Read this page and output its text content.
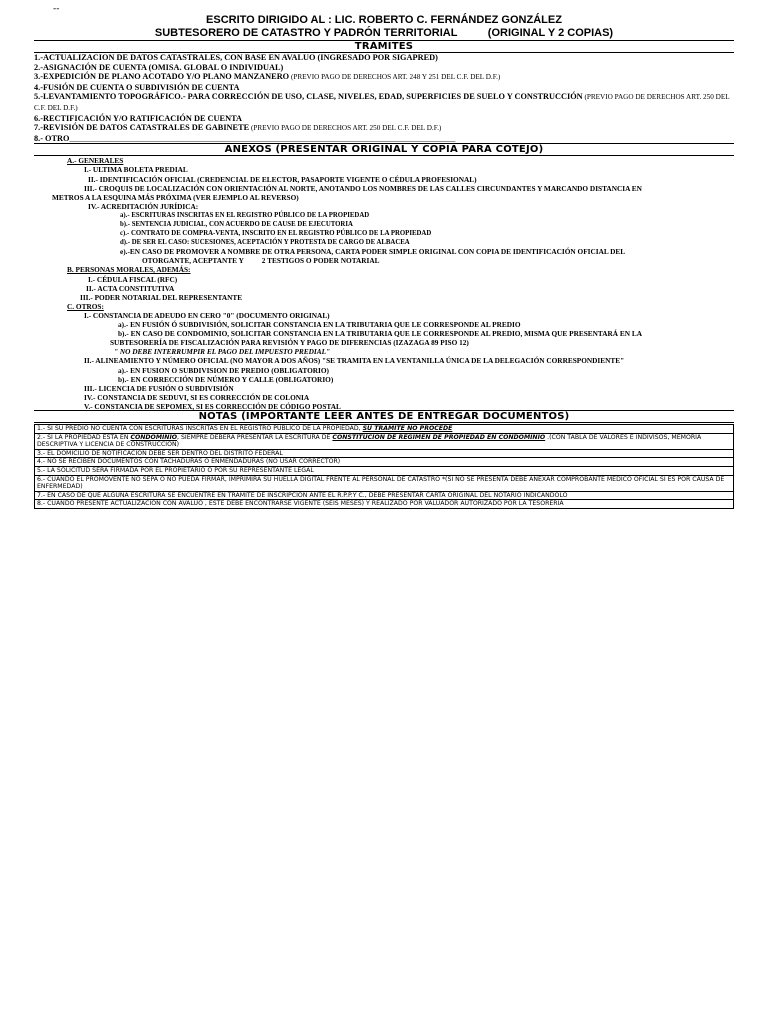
--
ESCRITO DIRIGIDO AL : LIC. ROBERTO C. FERNÁNDEZ GONZÁLEZ
SUBTESORERO DE CATASTRO Y PADRÓN TERRITORIAL          (ORIGINAL Y 2 COPIAS)
TRÁMITES
1.-ACTUALIZACION DE DATOS CATASTRALES, CON BASE EN AVALUO (INGRESADO POR SIGAPRED)
2.-ASIGNACIÓN DE CUENTA (OMISA. GLOBAL O INDIVIDUAL)
3.-EXPEDICIÓN DE PLANO ACOTADO Y/O PLANO MANZANERO (PREVIO PAGO DE DERECHOS ART. 248 Y 251 DEL C.F. DEL D.F.)
4.-FUSIÓN DE CUENTA O SUBDIVISIÓN DE CUENTA
5.-LEVANTAMIENTO TOPOGRÁFICO.- PARA CORRECCIÓN DE USO, CLASE, NIVELES, EDAD, SUPERFICIES DE SUELO Y CONSTRUCCIÓN (PREVIO PAGO DE DERECHOS ART. 250 DEL C.F. DEL D.F.)
6.-RECTIFICACIÓN Y/O RATIFICACIÓN DE CUENTA
7.-REVISIÓN DE DATOS CATASTRALES DE GABINETE (PREVIO PAGO DE DERECHOS ART. 250 DEL C.F. DEL D.F.)
8.- OTRO_____________________________________________________________________________________________
ANEXOS (PRESENTAR ORIGINAL Y COPIA PARA COTEJO)
A.- GENERALES
I.- ULTIMA BOLETA PREDIAL
II.- IDENTIFICACIÓN OFICIAL (CREDENCIAL DE ELECTOR, PASAPORTE VIGENTE O CÉDULA PROFESIONAL)
III.- CROQUIS DE LOCALIZACIÓN CON ORIENTACIÓN AL NORTE, ANOTANDO LOS NOMBRES DE LAS CALLES CIRCUNDANTES Y MARCANDO DISTANCIA EN
METROS A LA ESQUINA MÁS PRÓXIMA (VER EJEMPLO AL REVERSO)
IV.- ACREDITACIÓN JURÍDICA:
a).- ESCRITURAS INSCRITAS EN EL REGISTRO PÚBLICO DE LA PROPIEDAD
b).- SENTENCIA JUDICIAL, CON ACUERDO DE CAUSE DE EJECUTORIA
c).- CONTRATO DE COMPRA-VENTA, INSCRITO EN EL REGISTRO PÚBLICO DE LA PROPIEDAD
d).- DE SER EL CASO: SUCESIONES, ACEPTACIÓN Y PROTESTA DE CARGO DE ALBACEA
e).-EN CASO DE PROMOVER A NOMBRE DE OTRA PERSONA, CARTA PODER SIMPLE ORIGINAL CON COPIA DE IDENTIFICACIÓN OFICIAL DEL
OTORGANTE, ACEPTANTE Y          2 TESTIGOS O PODER NOTARIAL
B. PERSONAS MORALES, ADEMÁS:
I.- CÉDULA FISCAL (RFC)
II.- ACTA CONSTITUTIVA
III.- PODER NOTARIAL DEL REPRESENTANTE
C. OTROS:
I.- CONSTANCIA DE ADEUDO EN CERO "0" (DOCUMENTO ORIGINAL)
a).- EN FUSIÓN Ó SUBDIVISIÓN, SOLICITAR CONSTANCIA EN LA TRIBUTARIA QUE LE CORRESPONDE AL PREDIO
b).- EN CASO DE CONDOMINIO, SOLICITAR CONSTANCIA EN LA TRIBUTARIA QUE LE CORRESPONDE AL PREDIO, MISMA QUE PRESENTARÁ EN LA
SUBTESORERÍA DE FISCALIZACIÓN PARA REVISIÓN Y PAGO DE DIFERENCIAS (IZAZAGA 89 PISO 12)
" NO DEBE INTERRUMPIR EL PAGO DEL IMPUESTO PREDIAL"
II.- ALINEAMIENTO Y NÚMERO OFICIAL (NO MAYOR A DOS AÑOS) "SE TRAMITA EN LA VENTANILLA ÚNICA DE LA DELEGACIÓN CORRESPONDIENTE"
a).- EN FUSION O SUBDIVISION DE PREDIO (OBLIGATORIO)
b).- EN CORRECCIÓN DE NÚMERO Y CALLE (OBLIGATORIO)
III.- LICENCIA DE FUSIÓN O SUBDIVISIÓN
IV.- CONSTANCIA DE SEDUVI, SI ES CORRECCIÓN DE COLONIA
V.- CONSTANCIA DE SEPOMEX, SI ES CORRECCIÓN DE CÓDIGO POSTAL
NOTAS (IMPORTANTE LEER ANTES DE ENTREGAR DOCUMENTOS)
1.- SI SU PREDIO NO CUENTA CON ESCRITURAS INSCRITAS EN EL REGISTRO PÚBLICO DE LA PROPIEDAD, SU TRÁMITE NO PROCEDE
2.- SI LA PROPIEDAD ESTÁ EN CONDOMINIO, SIEMPRE DEBERÁ PRESENTAR LA ESCRITURA DE CONSTITUCIÓN DE RÉGIMEN DE PROPIEDAD EN CONDOMINIO .(CON TABLA DE VALORES E INDIVISOS, MEMORIA DESCRIPTIVA Y LICENCIA DE CONSTRUCCIÓN)
3.- EL DOMICILIO DE NOTIFICACIÓN DEBE SER DENTRO DEL DISTRITO FEDERAL
4.- NO SE RECIBEN DOCUMENTOS CON TACHADURAS O ENMENDADURAS (NO USAR CORRECTOR)
5.- LA SOLICITUD SERÁ FIRMADA POR EL PROPIETARIO O POR SU REPRESENTANTE LEGAL
6.- CUANDO EL PROMOVENTE NO SEPA O NO PUEDA FIRMAR, IMPRIMIRÁ SU HUELLA DIGITAL FRENTE AL PERSONAL DE CATASTRO *(SI NO SE PRESENTA DEBE ANEXAR COMPROBANTE MEDICO OFICIAL SI ES POR CAUSA DE ENFERMEDAD)
7.- EN CASO DE QUE ALGUNA ESCRITURA SE ENCUENTRE EN TRÁMITE DE INSCRIPCIÓN ANTE EL R.P.P.Y C., DEBE PRESENTAR CARTA ORIGINAL DEL NOTARIO INDICÁNDOLO
8.- CUANDO PRESENTE ACTUALIZACIÓN CON AVALUO , ÉSTE DEBE ENCONTRARSE VIGENTE (SEIS MESES) Y REALIZADO POR VALUADOR AUTORIZADO POR LA TESORERÍA
